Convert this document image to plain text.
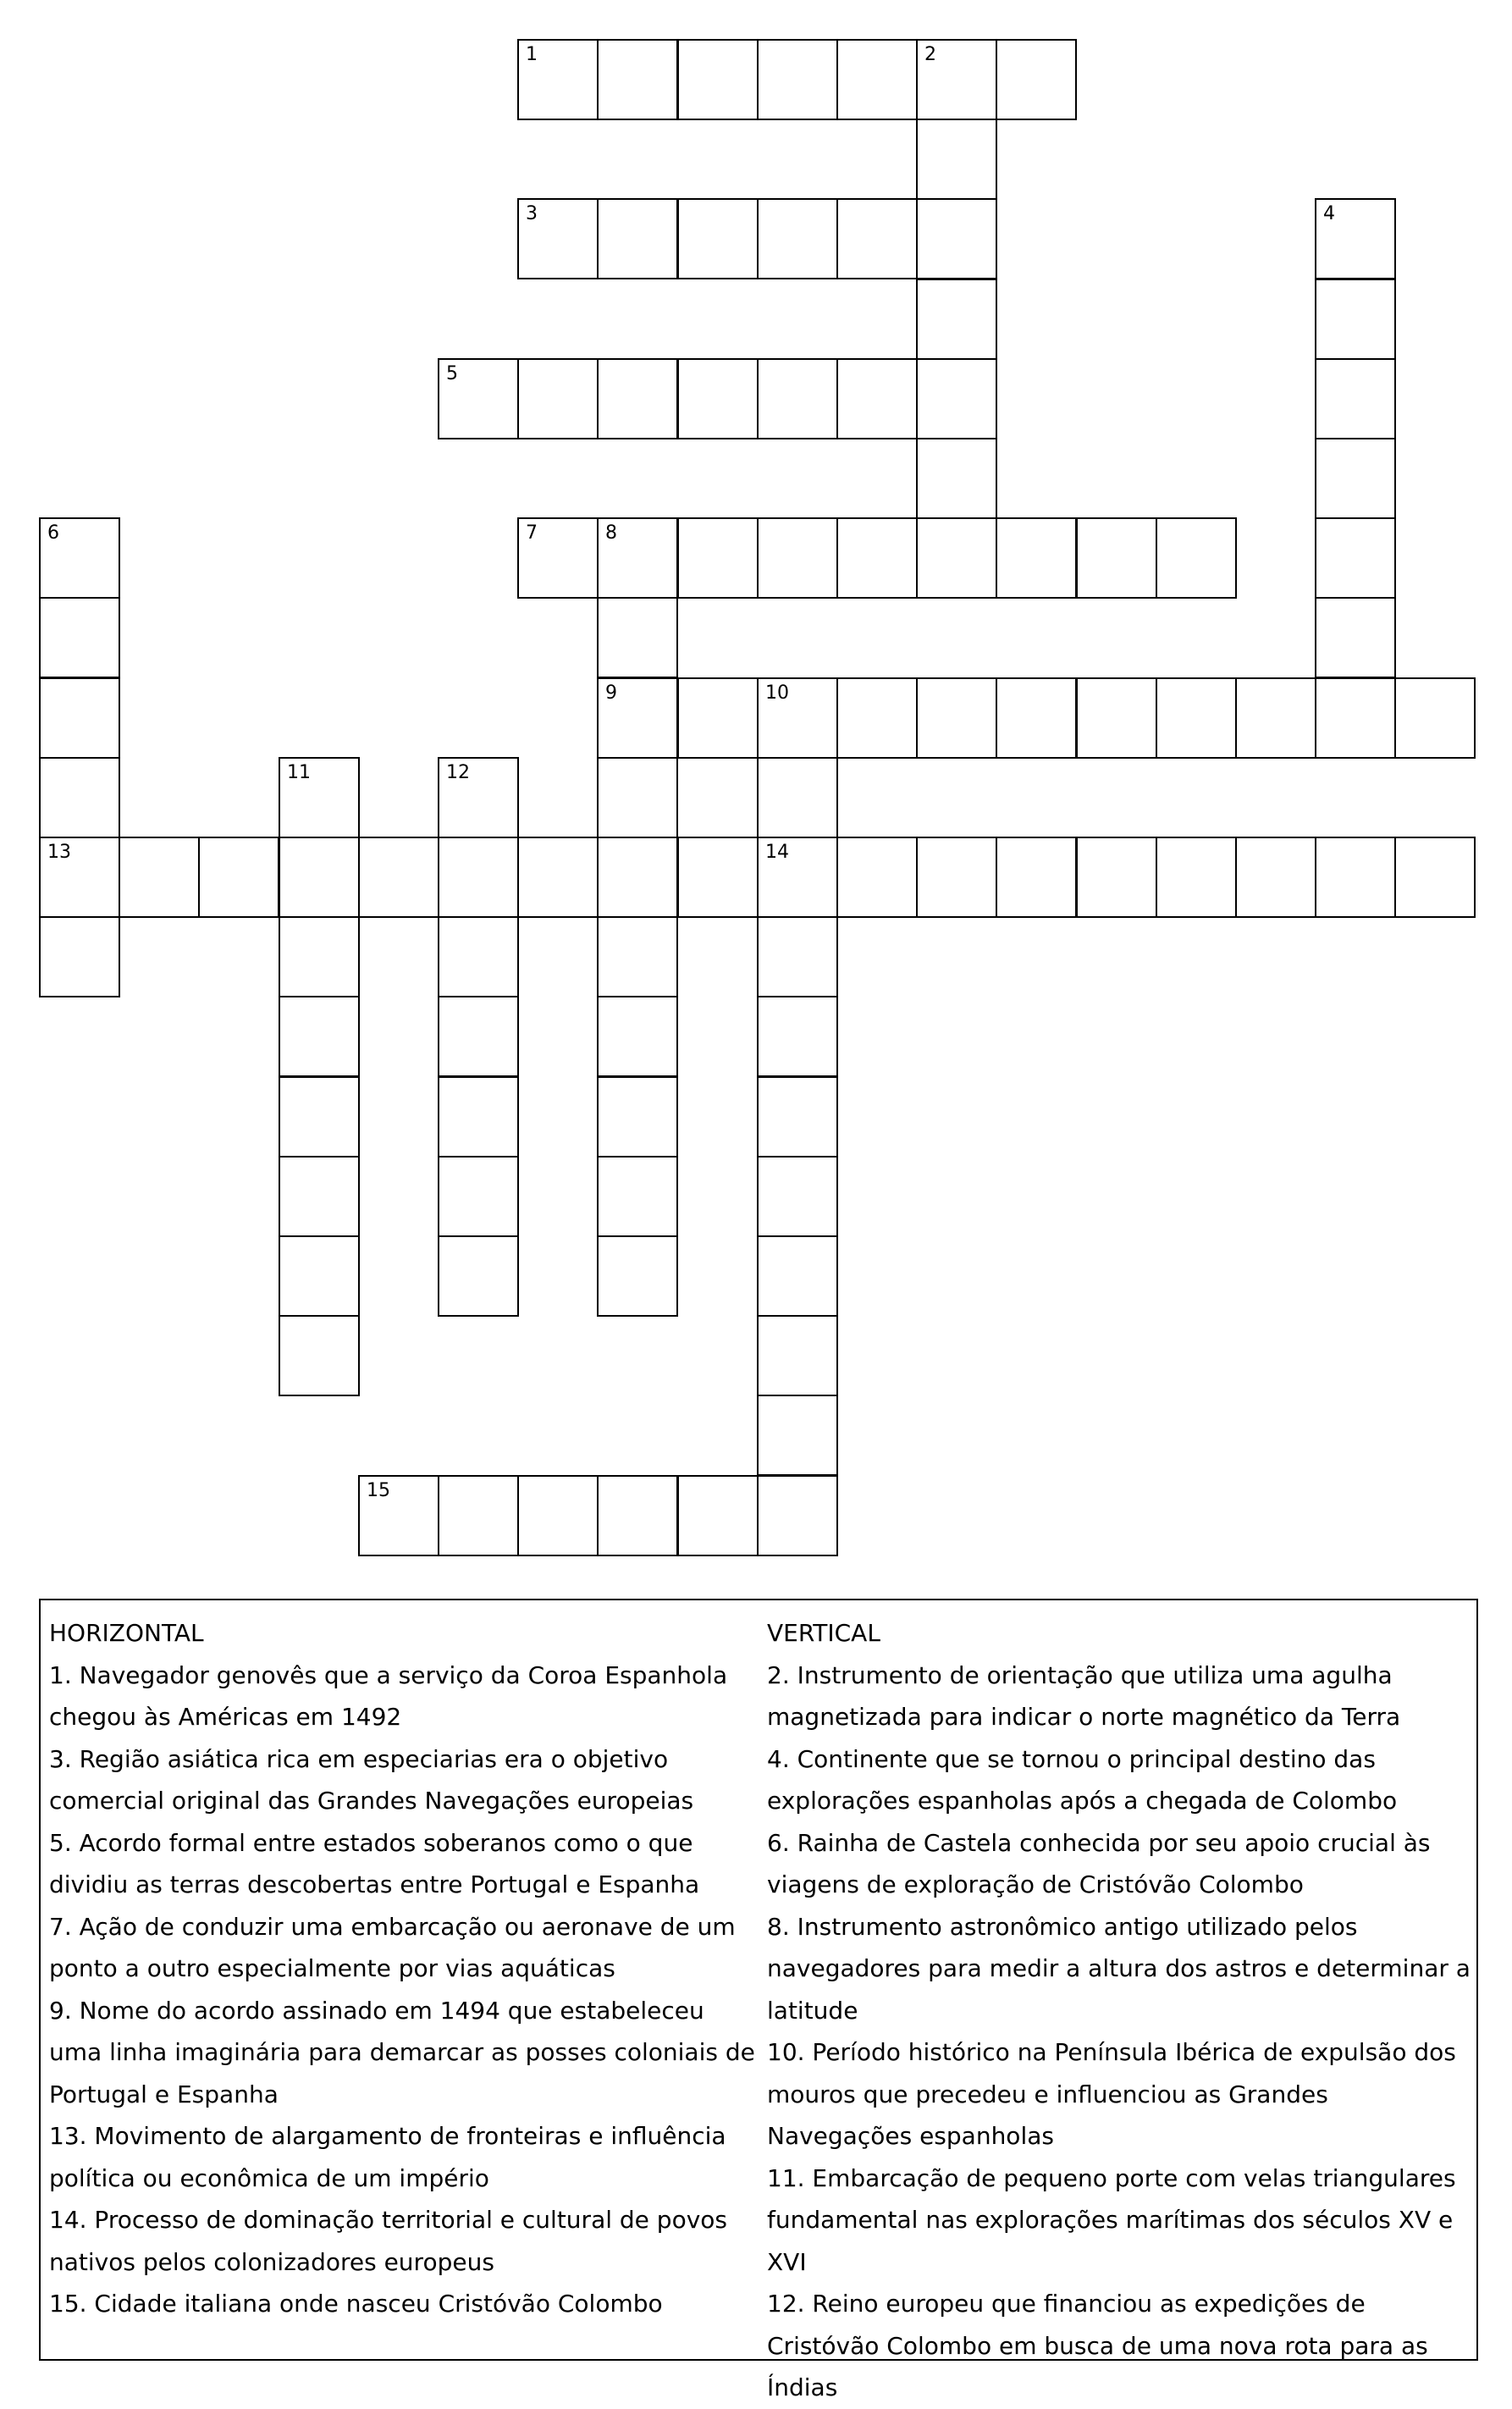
1	2
3	4
5
6
13
7	8
9	10
14
11	12
15
HORIZONTAL
1. Navegador genovês que a serviço da Coroa Espanhola chegou às Américas em 1492
3. Região asiática rica em especiarias era o objetivo comercial original das Grandes Navegações europeias
5. Acordo formal entre estados soberanos como o que dividiu as terras descobertas entre Portugal e Espanha
7. Ação de conduzir uma embarcação ou aeronave de um ponto a outro especialmente por vias aquáticas
9. Nome do acordo assinado em 1494 que estabeleceu uma linha imaginária para demarcar as posses coloniais de Portugal e Espanha
13. Movimento de alargamento de fronteiras e influência política ou econômica de um império
14. Processo de dominação territorial e cultural de povos nativos pelos colonizadores europeus
15. Cidade italiana onde nasceu Cristóvão Colombo
VERTICAL
2. Instrumento de orientação que utiliza uma agulha magnetizada para indicar o norte magnético da Terra
4. Continente que se tornou o principal destino das explorações espanholas após a chegada de Colombo
6. Rainha de Castela conhecida por seu apoio crucial às viagens de exploração de Cristóvão Colombo
8. Instrumento astronômico antigo utilizado pelos navegadores para medir a altura dos astros e determinar a latitude
10. Período histórico na Península Ibérica de expulsão dos mouros que precedeu e influenciou as Grandes Navegações espanholas
11. Embarcação de pequeno porte com velas triangulares fundamental nas explorações marítimas dos séculos XV e XVI
12. Reino europeu que financiou as expedições de Cristóvão Colombo em busca de uma nova rota para as Índias
